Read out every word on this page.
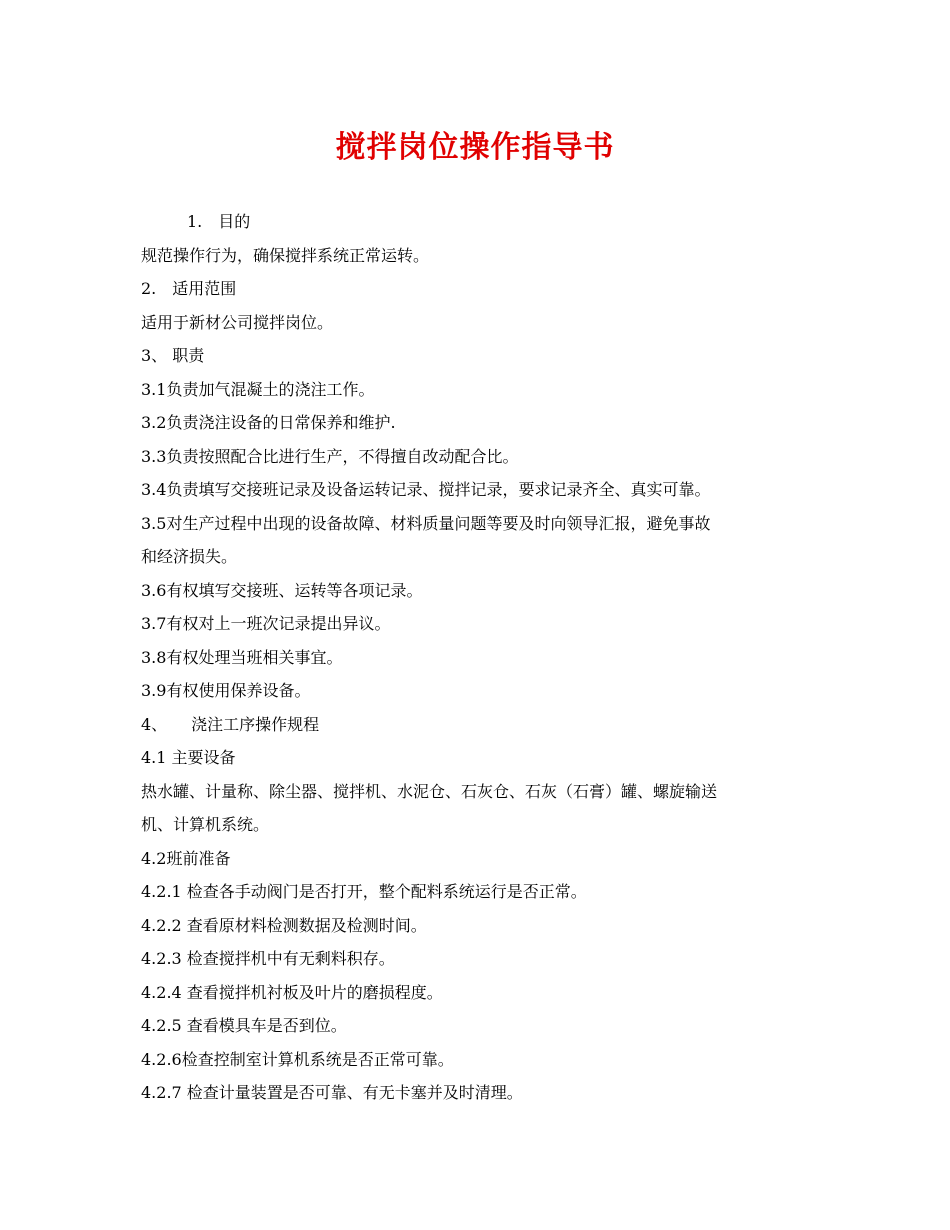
搅拌岗位操作指导书
1.　目的
规范操作行为，确保搅拌系统正常运转。
2.　适用范围
适用于新材公司搅拌岗位。
3、 职责
3.1负责加气混凝土的浇注工作。
3.2负责浇注设备的日常保养和维护.
3.3负责按照配合比进行生产，不得擅自改动配合比。
3.4负责填写交接班记录及设备运转记录、搅拌记录，要求记录齐全、真实可靠。
3.5对生产过程中出现的设备故障、材料质量问题等要及时向领导汇报，避免事故
和经济损失。
3.6有权填写交接班、运转等各项记录。
3.7有权对上一班次记录提出异议。
3.8有权处理当班相关事宜。
3.9有权使用保养设备。
4、　　浇注工序操作规程
4.1 主要设备
热水罐、计量称、除尘器、搅拌机、水泥仓、石灰仓、石灰（石膏）罐、螺旋输送
机、计算机系统。
4.2班前准备
4.2.1 检查各手动阀门是否打开，整个配料系统运行是否正常。
4.2.2 查看原材料检测数据及检测时间。
4.2.3 检查搅拌机中有无剩料积存。
4.2.4 查看搅拌机衬板及叶片的磨损程度。
4.2.5 查看模具车是否到位。
4.2.6检查控制室计算机系统是否正常可靠。
4.2.7 检查计量装置是否可靠、有无卡塞并及时清理。
